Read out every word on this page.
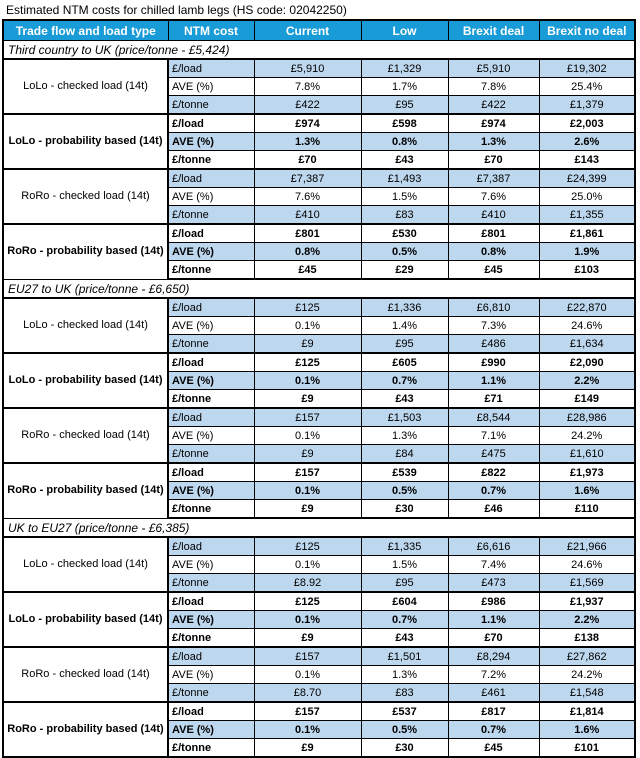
Estimated NTM costs for chilled lamb legs (HS code: 02042250)
Trade flow and load type	NTM cost	Current	Low	Brexit deal	Brexit no deal
Third country to UK (price/tonne - £5,424)					
LoLo - checked load (14t)	£/load	£5,910	£1,329	£5,910	£19,302
	AVE (%)	7.8%	1.7%	7.8%	25.4%
	£/tonne	£422	£95	£422	£1,379
LoLo - probability based (14t)	£/load	£974	£598	£974	£2,003
	AVE (%)	1.3%	0.8%	1.3%	2.6%
	£/tonne	£70	£43	£70	£143
RoRo - checked load (14t)	£/load	£7,387	£1,493	£7,387	£24,399
	AVE (%)	7.6%	1.5%	7.6%	25.0%
	£/tonne	£410	£83	£410	£1,355
RoRo - probability based (14t)	£/load	£801	£530	£801	£1,861
	AVE (%)	0.8%	0.5%	0.8%	1.9%
	£/tonne	£45	£29	£45	£103
EU27 to UK (price/tonne - £6,650)					
LoLo - checked load (14t)	£/load	£125	£1,336	£6,810	£22,870
	AVE (%)	0.1%	1.4%	7.3%	24.6%
	£/tonne	£9	£95	£486	£1,634
LoLo - probability based (14t)	£/load	£125	£605	£990	£2,090
	AVE (%)	0.1%	0.7%	1.1%	2.2%
	£/tonne	£9	£43	£71	£149
RoRo - checked load (14t)	£/load	£157	£1,503	£8,544	£28,986
	AVE (%)	0.1%	1.3%	7.1%	24.2%
	£/tonne	£9	£84	£475	£1,610
RoRo - probability based (14t)	£/load	£157	£539	£822	£1,973
	AVE (%)	0.1%	0.5%	0.7%	1.6%
	£/tonne	£9	£30	£46	£110
UK to EU27 (price/tonne - £6,385)					
LoLo - checked load (14t)	£/load	£125	£1,335	£6,616	£21,966
	AVE (%)	0.1%	1.5%	7.4%	24.6%
	£/tonne	£8.92	£95	£473	£1,569
LoLo - probability based (14t)	£/load	£125	£604	£986	£1,937
	AVE (%)	0.1%	0.7%	1.1%	2.2%
	£/tonne	£9	£43	£70	£138
RoRo - checked load (14t)	£/load	£157	£1,501	£8,294	£27,862
	AVE (%)	0.1%	1.3%	7.2%	24.2%
	£/tonne	£8.70	£83	£461	£1,548
RoRo - probability based (14t)	£/load	£157	£537	£817	£1,814
	AVE (%)	0.1%	0.5%	0.7%	1.6%
	£/tonne	£9	£30	£45	£101
